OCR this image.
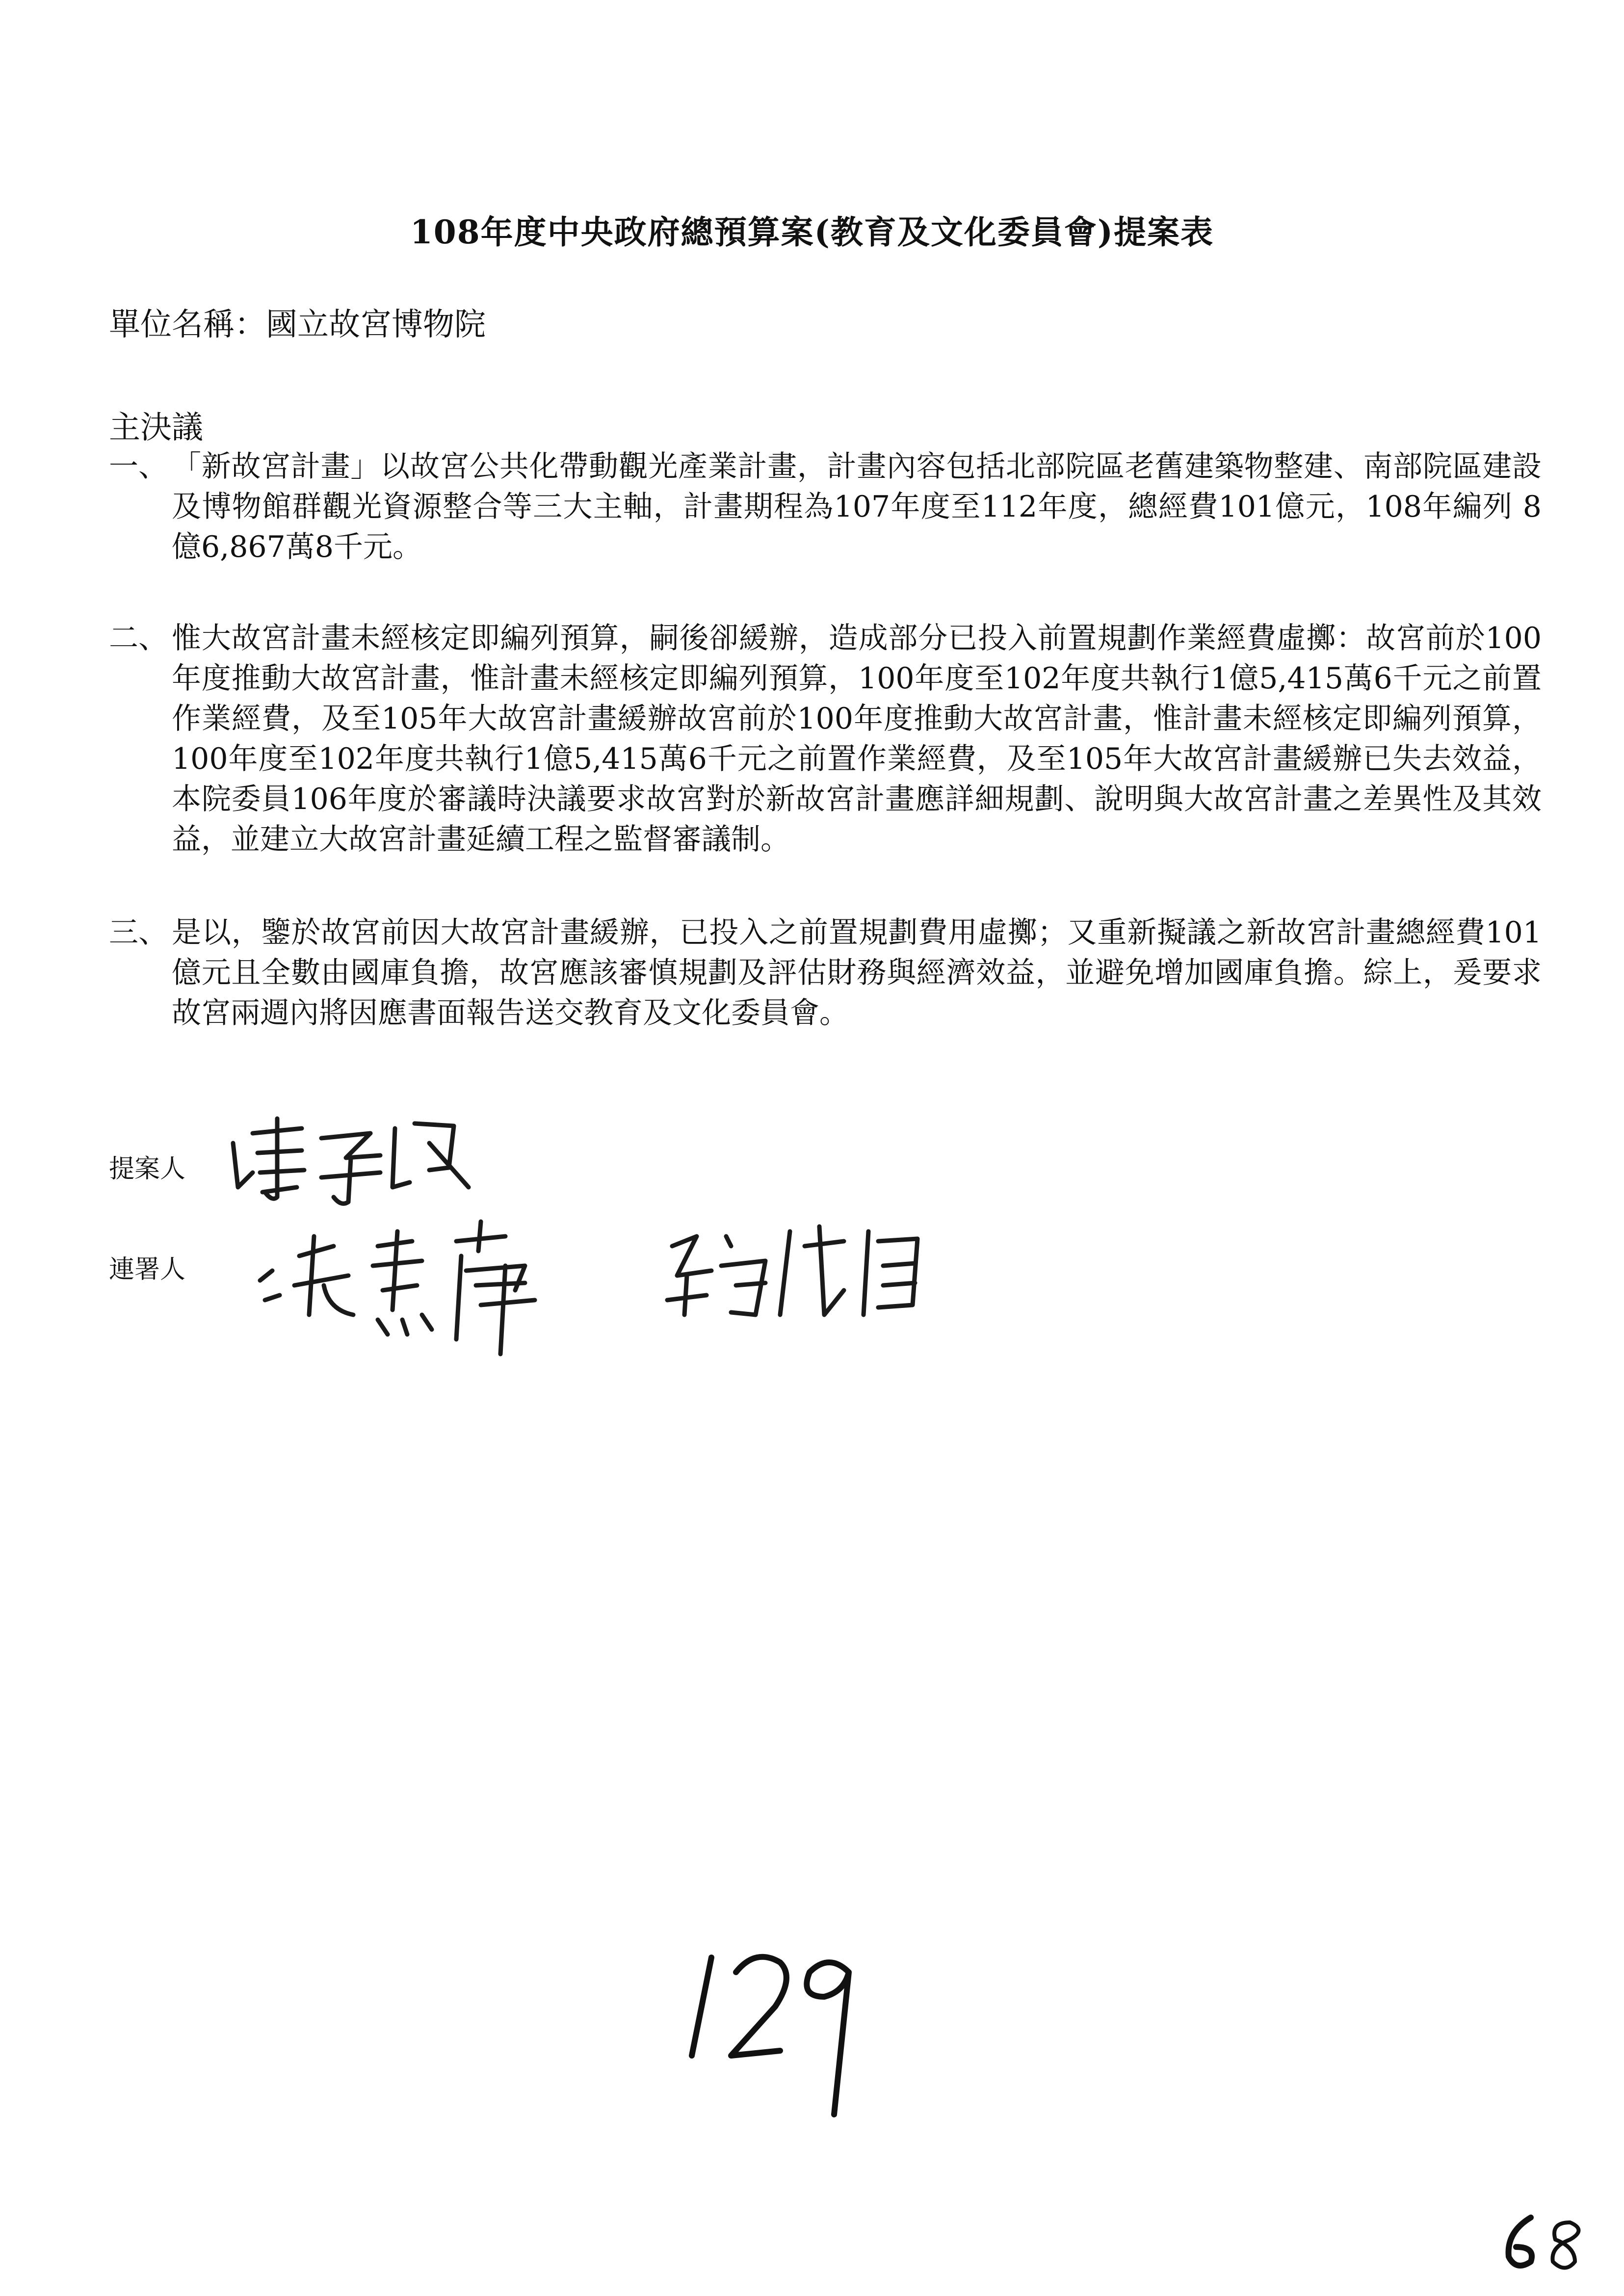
108年度中央政府總預算案(教育及文化委員會)提案表
單位名稱：國立故宮博物院
主決議
一、 「新故宮計畫」以故宮公共化帶動觀光產業計畫，計畫內容包括北部院區老舊建築物整建、南部院區建設及博物館群觀光資源整合等三大主軸，計畫期程為107年度至112年度，總經費101億元，108年編列 8億6,867萬8千元。
二、 惟大故宮計畫未經核定即編列預算，嗣後卻緩辦，造成部分已投入前置規劃作業經費虛擲：故宮前於100年度推動大故宮計畫，惟計畫未經核定即編列預算，100年度至102年度共執行1億5,415萬6千元之前置作業經費，及至105年大故宮計畫緩辦故宮前於100年度推動大故宮計畫，惟計畫未經核定即編列預算，100年度至102年度共執行1億5,415萬6千元之前置作業經費，及至105年大故宮計畫緩辦已失去效益，本院委員106年度於審議時決議要求故宮對於新故宮計畫應詳細規劃、說明與大故宮計畫之差異性及其效益，並建立大故宮計畫延續工程之監督審議制。
三、 是以，鑒於故宮前因大故宮計畫緩辦，已投入之前置規劃費用虛擲；又重新擬議之新故宮計畫總經費101億元且全數由國庫負擔，故宮應該審慎規劃及評估財務與經濟效益，並避免增加國庫負擔。綜上，爰要求故宮兩週內將因應書面報告送交教育及文化委員會。
提案人
連署人
